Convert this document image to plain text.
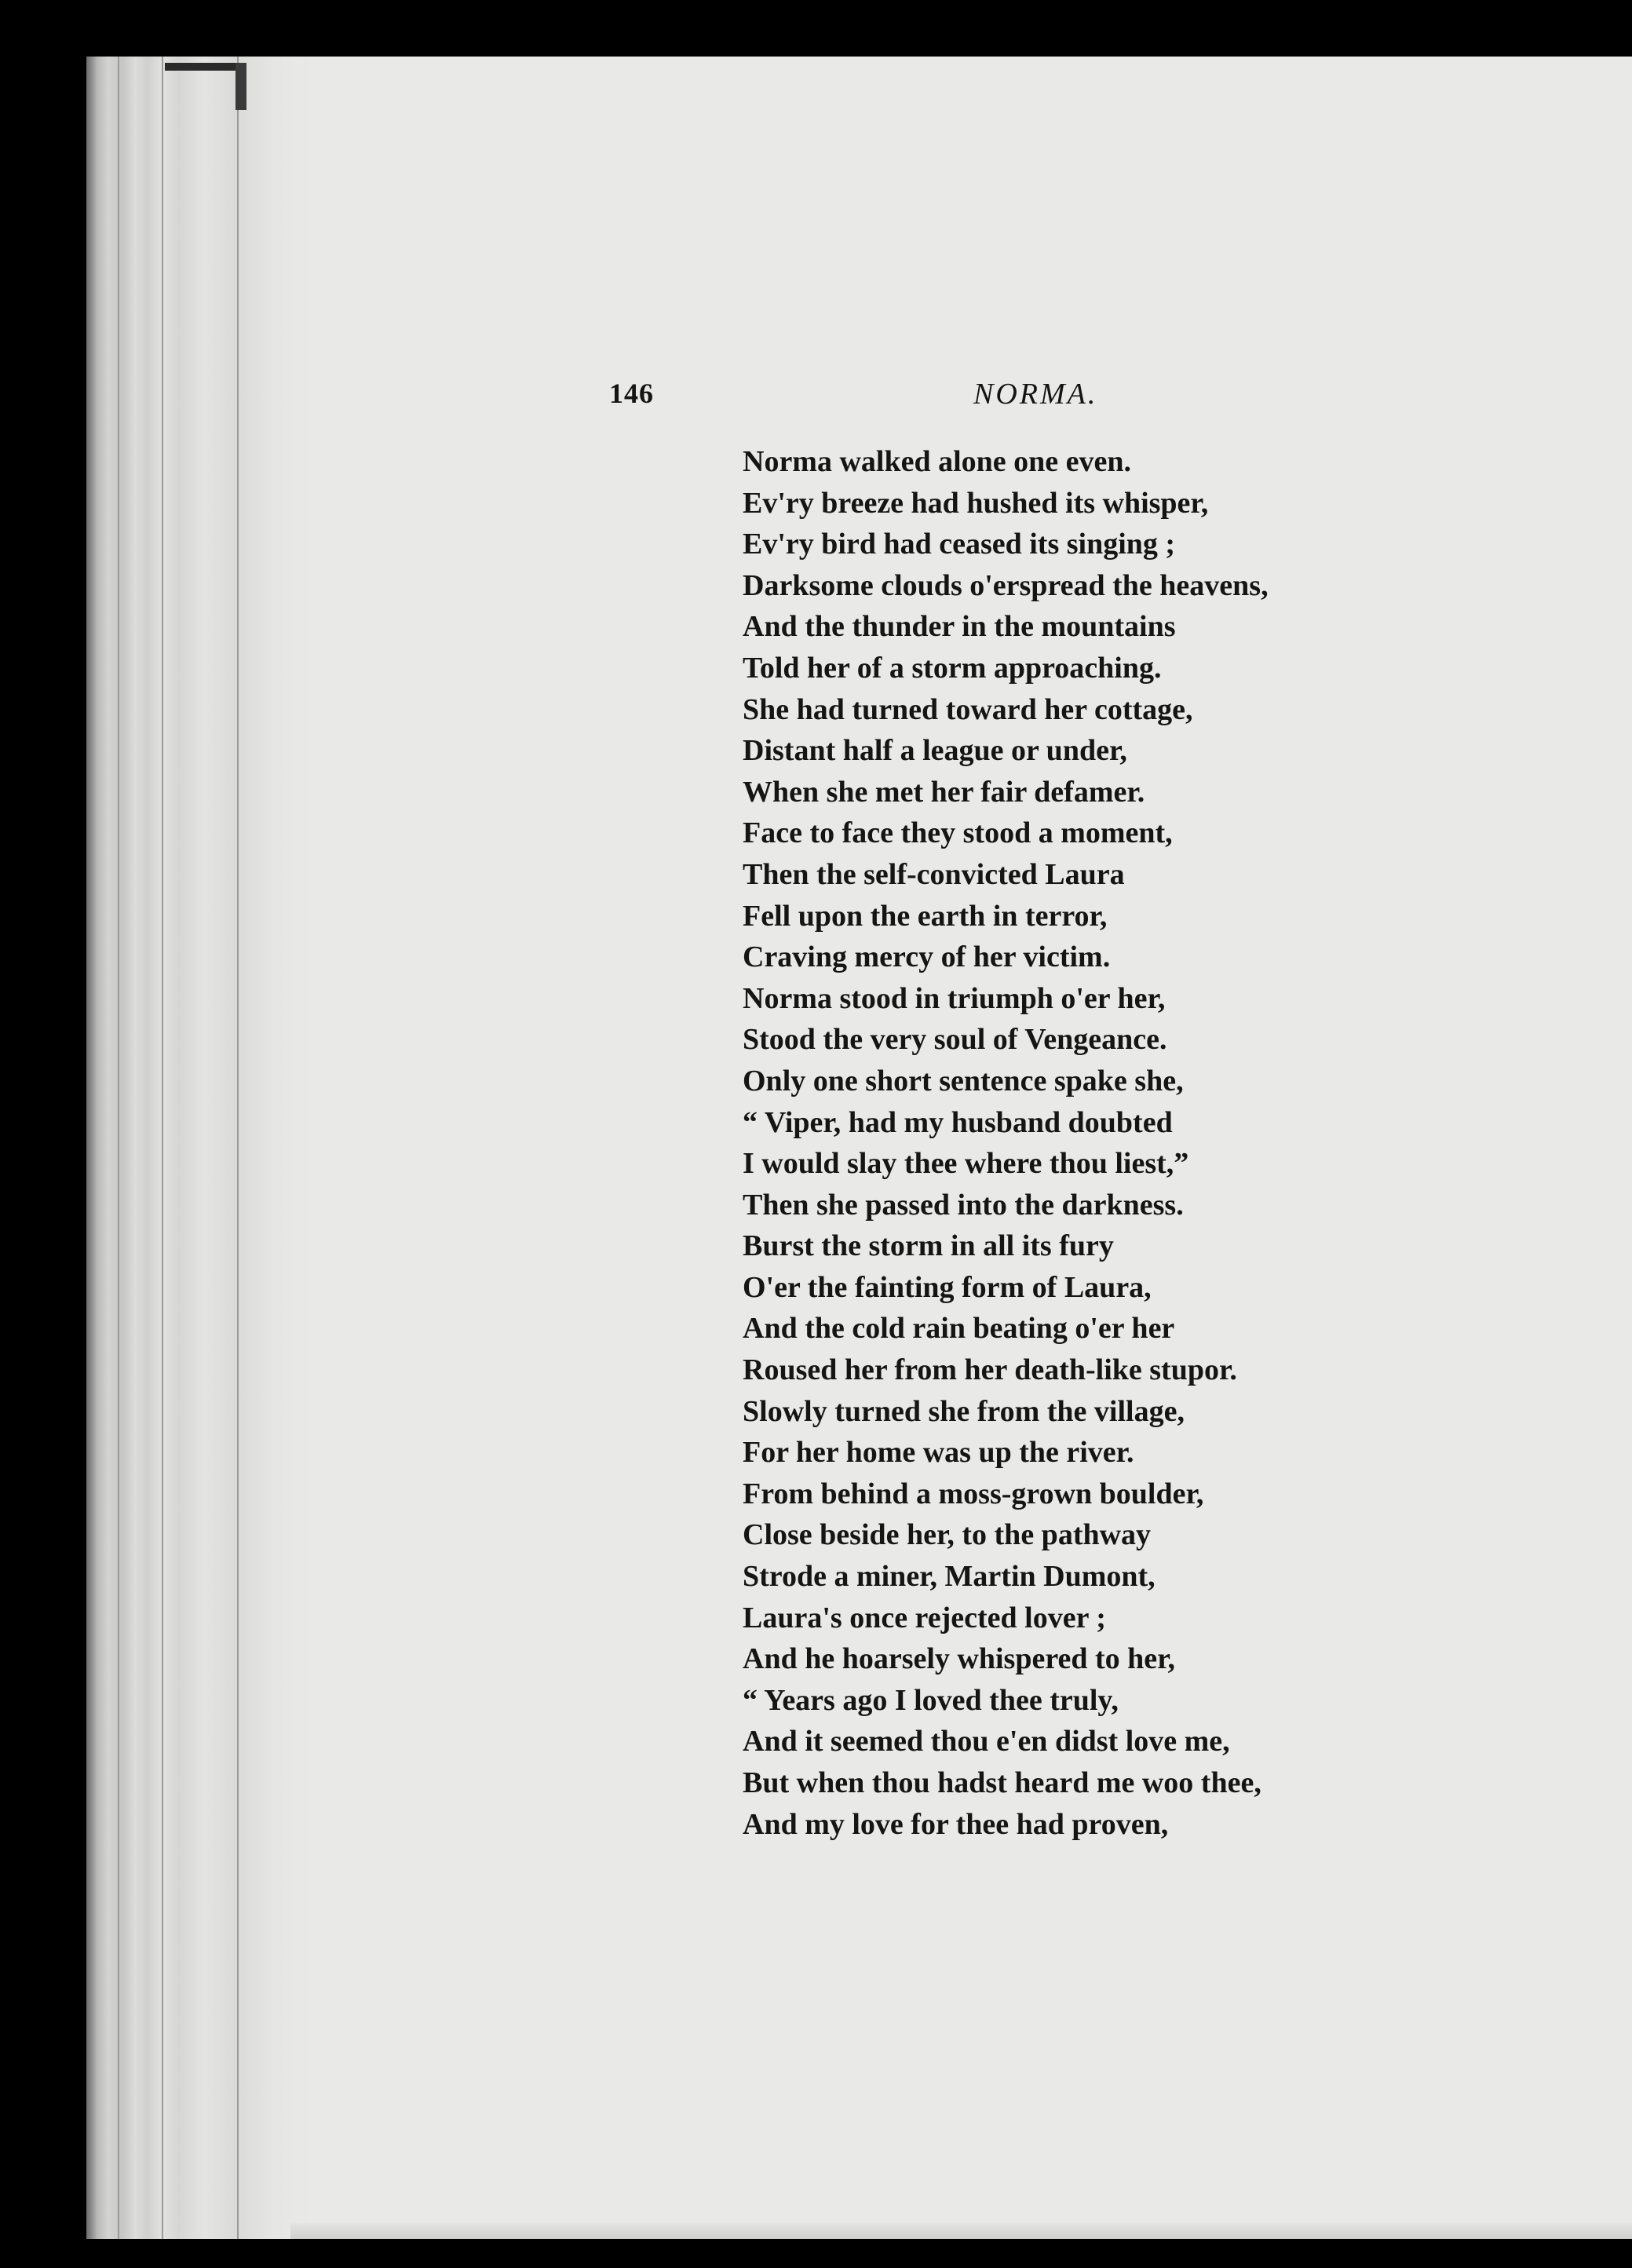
146	NORMA.
Norma walked alone one even.
Ev'ry breeze had hushed its whisper,
Ev'ry bird had ceased its singing ;
Darksome clouds o'erspread the heavens,
And the thunder in the mountains
Told her of a storm approaching.
She had turned toward her cottage,
Distant half a league or under,
When she met her fair defamer.
Face to face they stood a moment,
Then the self-convicted Laura
Fell upon the earth in terror,
Craving mercy of her victim.
Norma stood in triumph o'er her,
Stood the very soul of Vengeance.
Only one short sentence spake she,
“ Viper, had my husband doubted
I would slay thee where thou liest,”
Then she passed into the darkness.
Burst the storm in all its fury
O'er the fainting form of Laura,
And the cold rain beating o'er her
Roused her from her death-like stupor.
Slowly turned she from the village,
For her home was up the river.
From behind a moss-grown boulder,
Close beside her, to the pathway
Strode a miner, Martin Dumont,
Laura's once rejected lover ;
And he hoarsely whispered to her,
“ Years ago I loved thee truly,
And it seemed thou e'en didst love me,
But when thou hadst heard me woo thee,
And my love for thee had proven,
